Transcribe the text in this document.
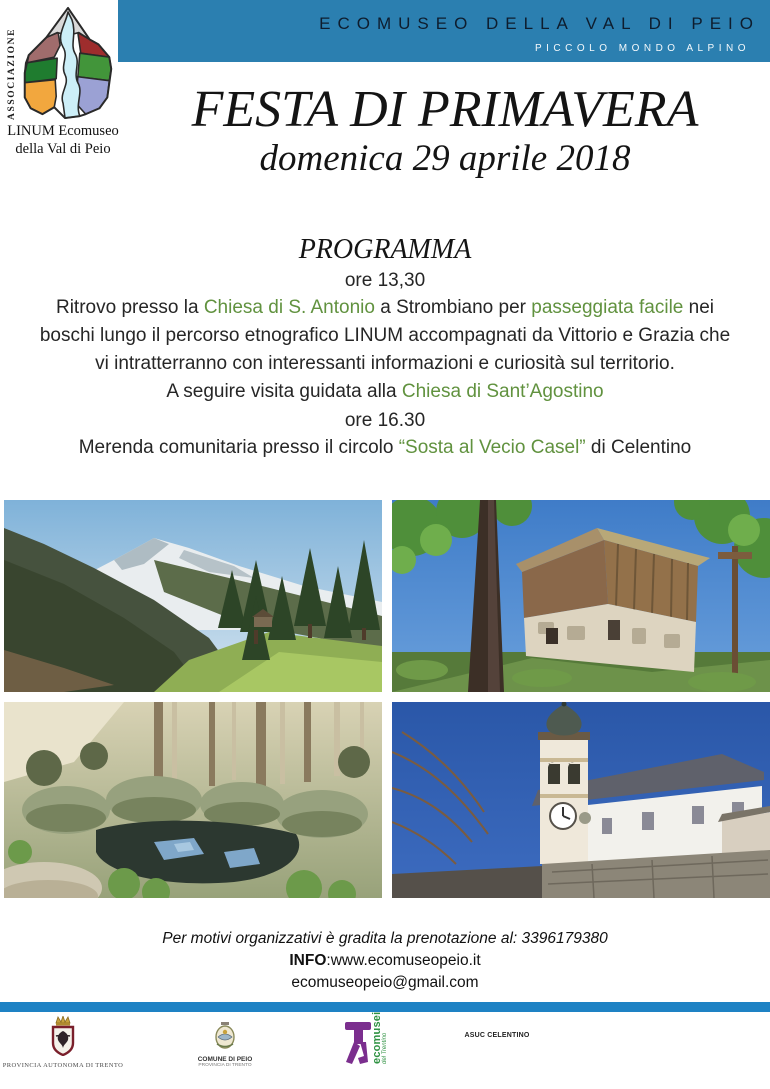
ASSOCIAZIONE
LINUM Ecomuseo
della Val di Peio
ECOMUSEO DELLA VAL DI PEIO
PICCOLO MONDO ALPINO
FESTA DI PRIMAVERA
domenica 29 aprile 2018
PROGRAMMA
ore 13,30
Ritrovo presso la Chiesa di S. Antonio a Strombiano per passeggiata facile nei
boschi lungo il percorso etnografico LINUM accompagnati da Vittorio e Grazia che
vi intratterranno con interessanti informazioni e curiosità sul territorio.
A seguire visita guidata alla Chiesa di Sant’Agostino
ore 16.30
Merenda comunitaria presso il circolo “Sosta al Vecio Casel” di Celentino
Per motivi organizzativi è gradita la prenotazione al: 3396179380
INFO:www.ecomuseopeio.it
ecomuseopeio@gmail.com
PROVINCIA AUTONOMA DI TRENTO
COMUNE DI PEIO
PROVINCIA DI TRENTO
ecomusei del Trentino	ASUC CELENTINO
